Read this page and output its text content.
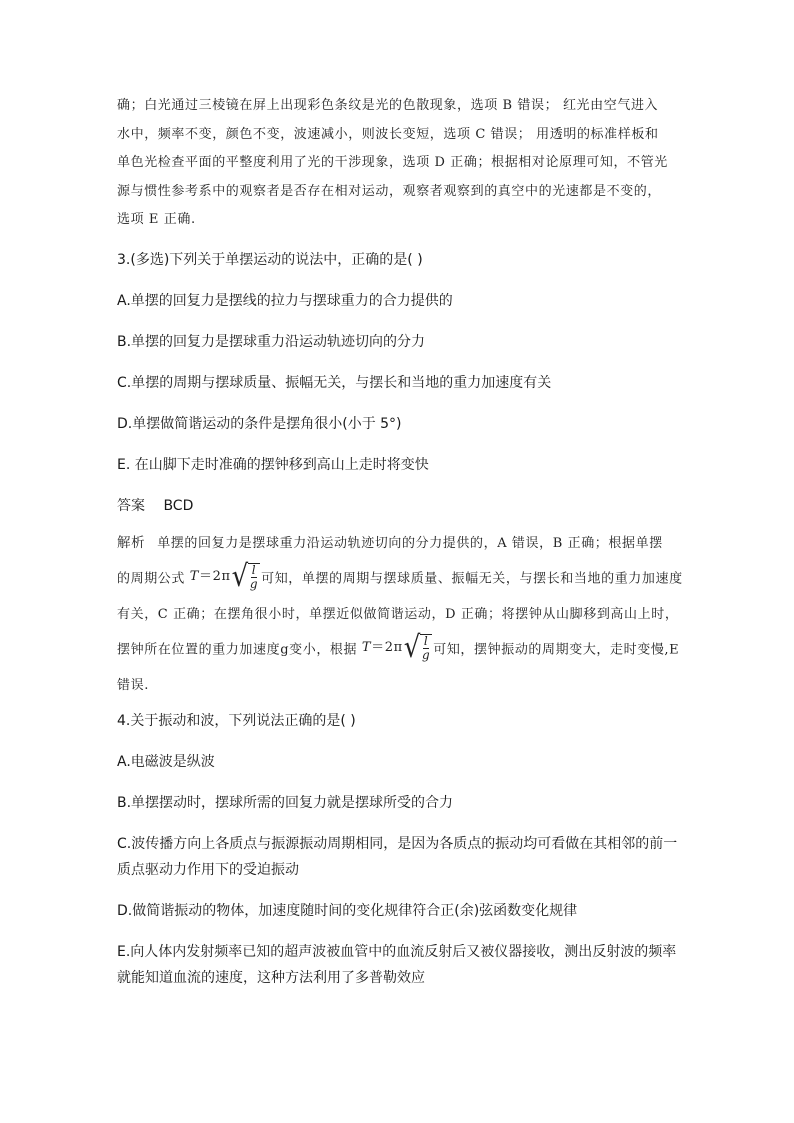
确；白光通过三棱镜在屏上出现彩色条纹是光的色散现象，选项 B 错误； 红光由空气进入
水中，频率不变，颜色不变，波速减小，则波长变短，选项 C 错误； 用透明的标准样板和
单色光检查平面的平整度利用了光的干涉现象，选项 D 正确；根据相对论原理可知，不管光
源与惯性参考系中的观察者是否存在相对运动，观察者观察到的真空中的光速都是不变的，
选项 E 正确.
3.(多选)下列关于单摆运动的说法中，正确的是( )
A.单摆的回复力是摆线的拉力与摆球重力的合力提供的
B.单摆的回复力是摆球重力沿运动轨迹切向的分力
C.单摆的周期与摆球质量、振幅无关，与摆长和当地的重力加速度有关
D.单摆做简谐运动的条件是摆角很小(小于 5°)
E. 在山脚下走时准确的摆钟移到高山上走时将变快
答案 BCD
解析 单摆的回复力是摆球重力沿运动轨迹切向的分力提供的，A 错误，B 正确；根据单摆
的周期公式 T＝2π √ $\frac{l}{g}$ 可知，单摆的周期与摆球质量、振幅无关，与摆长和当地的重力加速度
有关，C 正确；在摆角很小时，单摆近似做简谐运动，D 正确；将摆钟从山脚移到高山上时，
摆钟所在位置的重力加速度g变小，根据 T＝2π √ $\frac{l}{g}$ 可知，摆钟振动的周期变大，走时变慢,E
错误.
4.关于振动和波，下列说法正确的是( )
A.电磁波是纵波
B.单摆摆动时，摆球所需的回复力就是摆球所受的合力
C.波传播方向上各质点与振源振动周期相同，是因为各质点的振动均可看做在其相邻的前一
质点驱动力作用下的受迫振动
D.做简谐振动的物体，加速度随时间的变化规律符合正(余)弦函数变化规律
E.向人体内发射频率已知的超声波被血管中的血流反射后又被仪器接收，测出反射波的频率
就能知道血流的速度，这种方法利用了多普勒效应
